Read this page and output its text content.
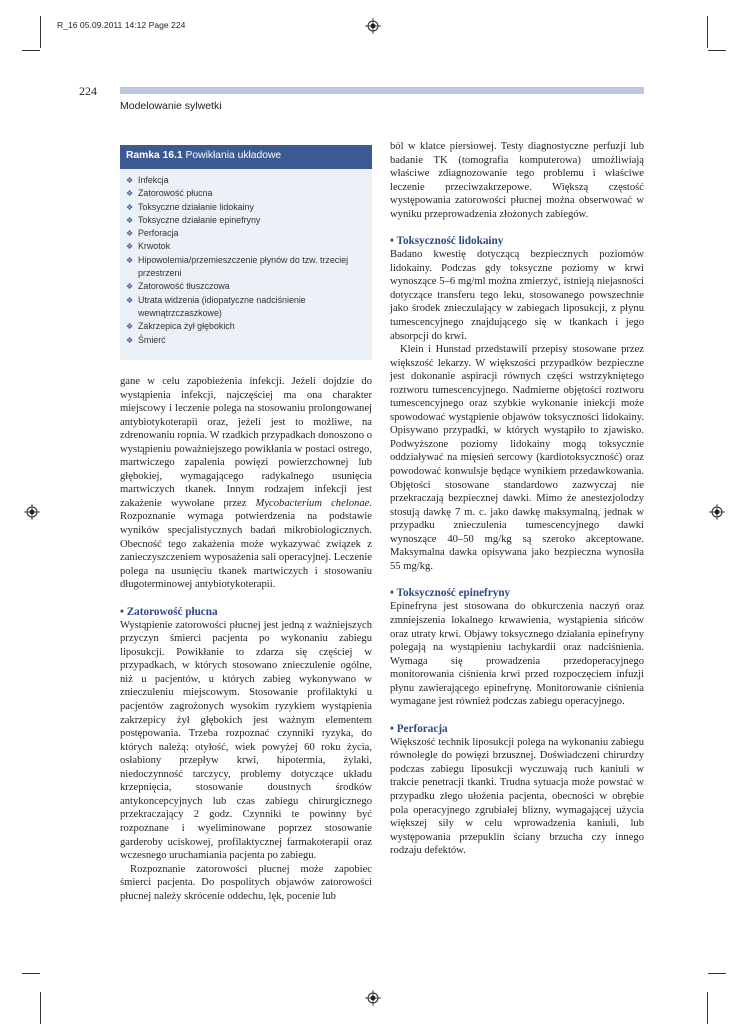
R_16 05.09.2011 14:12 Page 224
224
Modelowanie sylwetki
Ramka 16.1 Powikłania układowe
❖ Infekcja
❖ Zatorowość płucna
❖ Toksyczne działanie lidokainy
❖ Toksyczne działanie epinefryny
❖ Perforacja
❖ Krwotok
❖ Hipowolemia/przemieszczenie płynów do tzw. trzeciej przestrzeni
❖ Zatorowość tłuszczowa
❖ Utrata widzenia (idiopatyczne nadciśnienie wewnątrzczaszkowe)
❖ Zakrzepica żył głębokich
❖ Śmierć

gane w celu zapobieżenia infekcji. Jeżeli dojdzie do wystąpienia infekcji, najczęściej ma ona charakter miejscowy i leczenie polega na stosowaniu prolongowanej antybiotykoterapii oraz, jeżeli jest to możliwe, na zdrenowaniu ropnia. W rzadkich przypadkach donoszono o wystąpieniu poważniejszego powikłania w postaci ostrego, martwiczego zapalenia powięzi powierzchownej lub głębokiej, wymagającego radykalnego usunięcia martwiczych tkanek. Innym rodzajem infekcji jest zakażenie wywołane przez Mycobacterium chelonae. Rozpoznanie wymaga potwierdzenia na podstawie wyników specjalistycznych badań mikrobiologicznych. Obecność tego zakażenia może wykazywać związek z zanieczyszczeniem wyposażenia sali operacyjnej. Leczenie polega na usunięciu tkanek martwiczych i stosowaniu długoterminowej antybiotykoterapii.

• Zatorowość płucna

Wystąpienie zatorowości płucnej jest jedną z ważniejszych przyczyn śmierci pacjenta po wykonaniu zabiegu liposukcji. Powikłanie to zdarza się częściej w przypadkach, w których stosowano znieczulenie ogólne, niż u pacjentów, u których zabieg wykonywano w znieczuleniu miejscowym. Stosowanie profilaktyki u pacjentów zagrożonych wysokim ryzykiem wystąpienia zakrzepicy żył głębokich jest ważnym elementem postępowania. Trzeba rozpoznać czynniki ryzyka, do których należą: otyłość, wiek powyżej 60 roku życia, osłabiony przepływ krwi, hipotermia, żylaki, niedoczynność tarczycy, problemy dotyczące układu krzepnięcia, stosowanie doustnych środków antykoncepcyjnych lub czas zabiegu chirurgicznego przekraczający 2 godz. Czynniki te powinny być rozpoznane i wyeliminowane poprzez stosowanie garderoby uciskowej, profilaktycznej farmakoterapii oraz wczesnego uruchamiania pacjenta po zabiegu.

Rozpoznanie zatorowości płucnej może zapobiec śmierci pacjenta. Do pospolitych objawów zatorowości płucnej należy skrócenie oddechu, lęk, pocenie lub

ból w klatce piersiowej. Testy diagnostyczne perfuzji lub badanie TK (tomografia komputerowa) umożliwiają właściwe zdiagnozowanie tego problemu i właściwe leczenie przeciwzakrzepowe. Większą częstość występowania zatorowości płucnej można obserwować w wyniku przeprowadzenia złożonych zabiegów.

• Toksyczność lidokainy

Badano kwestię dotyczącą bezpiecznych poziomów lidokainy. Podczas gdy toksyczne poziomy w krwi wynoszące 5–6 mg/ml można zmierzyć, istnieją niejasności dotyczące transferu tego leku, stosowanego powszechnie jako środek znieczulający w zabiegach liposukcji, z płynu tumescencyjnego znajdującego się w tkankach i jego absorpcji do krwi.

Klein i Hunstad przedstawili przepisy stosowane przez większość lekarzy. W większości przypadków bezpieczne jest dokonanie aspiracji równych części wstrzykniętego roztworu tumescencyjnego. Nadmierne objętości roztworu tumescencyjnego oraz szybkie wykonanie iniekcji może spowodować wystąpienie objawów toksyczności lidokainy. Opisywano przypadki, w których wystąpiło to zjawisko. Podwyższone poziomy lidokainy mogą toksycznie oddziaływać na mięsień sercowy (kardiotoksyczność) oraz powodować konwulsje będące wynikiem przedawkowania. Objętości stosowane standardowo zazwyczaj nie przekraczają bezpiecznej dawki. Mimo że anestezjolodzy stosują dawkę 7 m. c. jako dawkę maksymalną, jednak w przypadku znieczulenia tumescencyjnego dawki wynoszące 40–50 mg/kg są szeroko akceptowane. Maksymalna dawka opisywana jako bezpieczna wynosiła 55 mg/kg.

• Toksyczność epinefryny

Epinefryna jest stosowana do obkurczenia naczyń oraz zmniejszenia lokalnego krwawienia, wystąpienia sińców oraz utraty krwi. Objawy toksycznego działania epinefryny polegają na wystąpieniu tachykardii oraz nadciśnienia. Wymaga się prowadzenia przedoperacyjnego monitorowania ciśnienia krwi przed rozpoczęciem infuzji płynu zawierającego epinefrynę. Monitorowanie ciśnienia wymagane jest również podczas zabiegu operacyjnego.

• Perforacja

Większość technik liposukcji polega na wykonaniu zabiegu równolegle do powięzi brzusznej. Doświadczeni chirurdzy podczas zabiegu liposukcji wyczuwają ruch kaniuli w trakcie penetracji tkanki. Trudna sytuacja może powstać w przypadku złego ułożenia pacjenta, obecności w obrębie pola operacyjnego zgrubiałej blizny, wymagającej użycia większej siły w celu wprowadzenia kaniuli, lub występowania przepuklin ściany brzucha czy innego rodzaju defektów.
